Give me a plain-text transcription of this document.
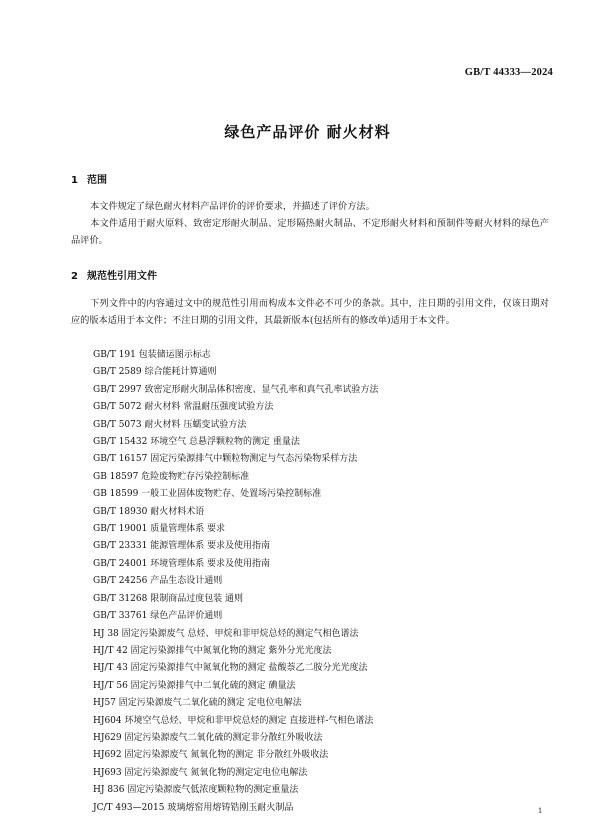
GB/T 44333—2024
绿色产品评价 耐火材料
1 范围
本文件规定了绿色耐火材料产品评价的评价要求，并描述了评价方法。
本文件适用于耐火原料、致密定形耐火制品、定形隔热耐火制品、不定形耐火材料和预制件等耐火材料的绿色产品评价。
2 规范性引用文件
下列文件中的内容通过文中的规范性引用而构成本文件必不可少的条款。其中，注日期的引用文件，仅该日期对应的版本适用于本文件；不注日期的引用文件，其最新版本(包括所有的修改单)适用于本文件。
GB/T 191 包装储运图示标志
GB/T 2589 综合能耗计算通则
GB/T 2997 致密定形耐火制品体积密度、显气孔率和真气孔率试验方法
GB/T 5072 耐火材料 常温耐压强度试验方法
GB/T 5073 耐火材料 压蠕变试验方法
GB/T 15432 环境空气 总悬浮颗粒物的测定 重量法
GB/T 16157 固定污染源排气中颗粒物测定与气态污染物采样方法
GB 18597 危险废物贮存污染控制标准
GB 18599 一般工业固体废物贮存、处置场污染控制标准
GB/T 18930 耐火材料术语
GB/T 19001 质量管理体系 要求
GB/T 23331 能源管理体系 要求及使用指南
GB/T 24001 环境管理体系 要求及使用指南
GB/T 24256 产品生态设计通则
GB/T 31268 限制商品过度包装 通则
GB/T 33761 绿色产品评价通则
HJ 38 固定污染源废气 总烃、甲烷和非甲烷总烃的测定气相色谱法
HJ/T 42 固定污染源排气中氮氧化物的测定 紫外分光光度法
HJ/T 43 固定污染源排气中氮氧化物的测定 盐酸萘乙二胺分光光度法
HJ/T 56 固定污染源排气中二氧化硫的测定 碘量法
HJ57 固定污染源废气二氧化硫的测定 定电位电解法
HJ604 环境空气总烃、甲烷和非甲烷总烃的测定 直接进样-气相色谱法
HJ629 固定污染源废气二氧化硫的测定非分散红外吸收法
HJ692 固定污染源废气 氮氧化物的测定 非分散红外吸收法
HJ693 固定污染源废气 氮氧化物的测定定电位电解法
HJ 836 固定污染源废气低浓度颗粒物的测定重量法
JC/T 493—2015 玻璃熔窑用熔铸锆刚玉耐火制品	1
